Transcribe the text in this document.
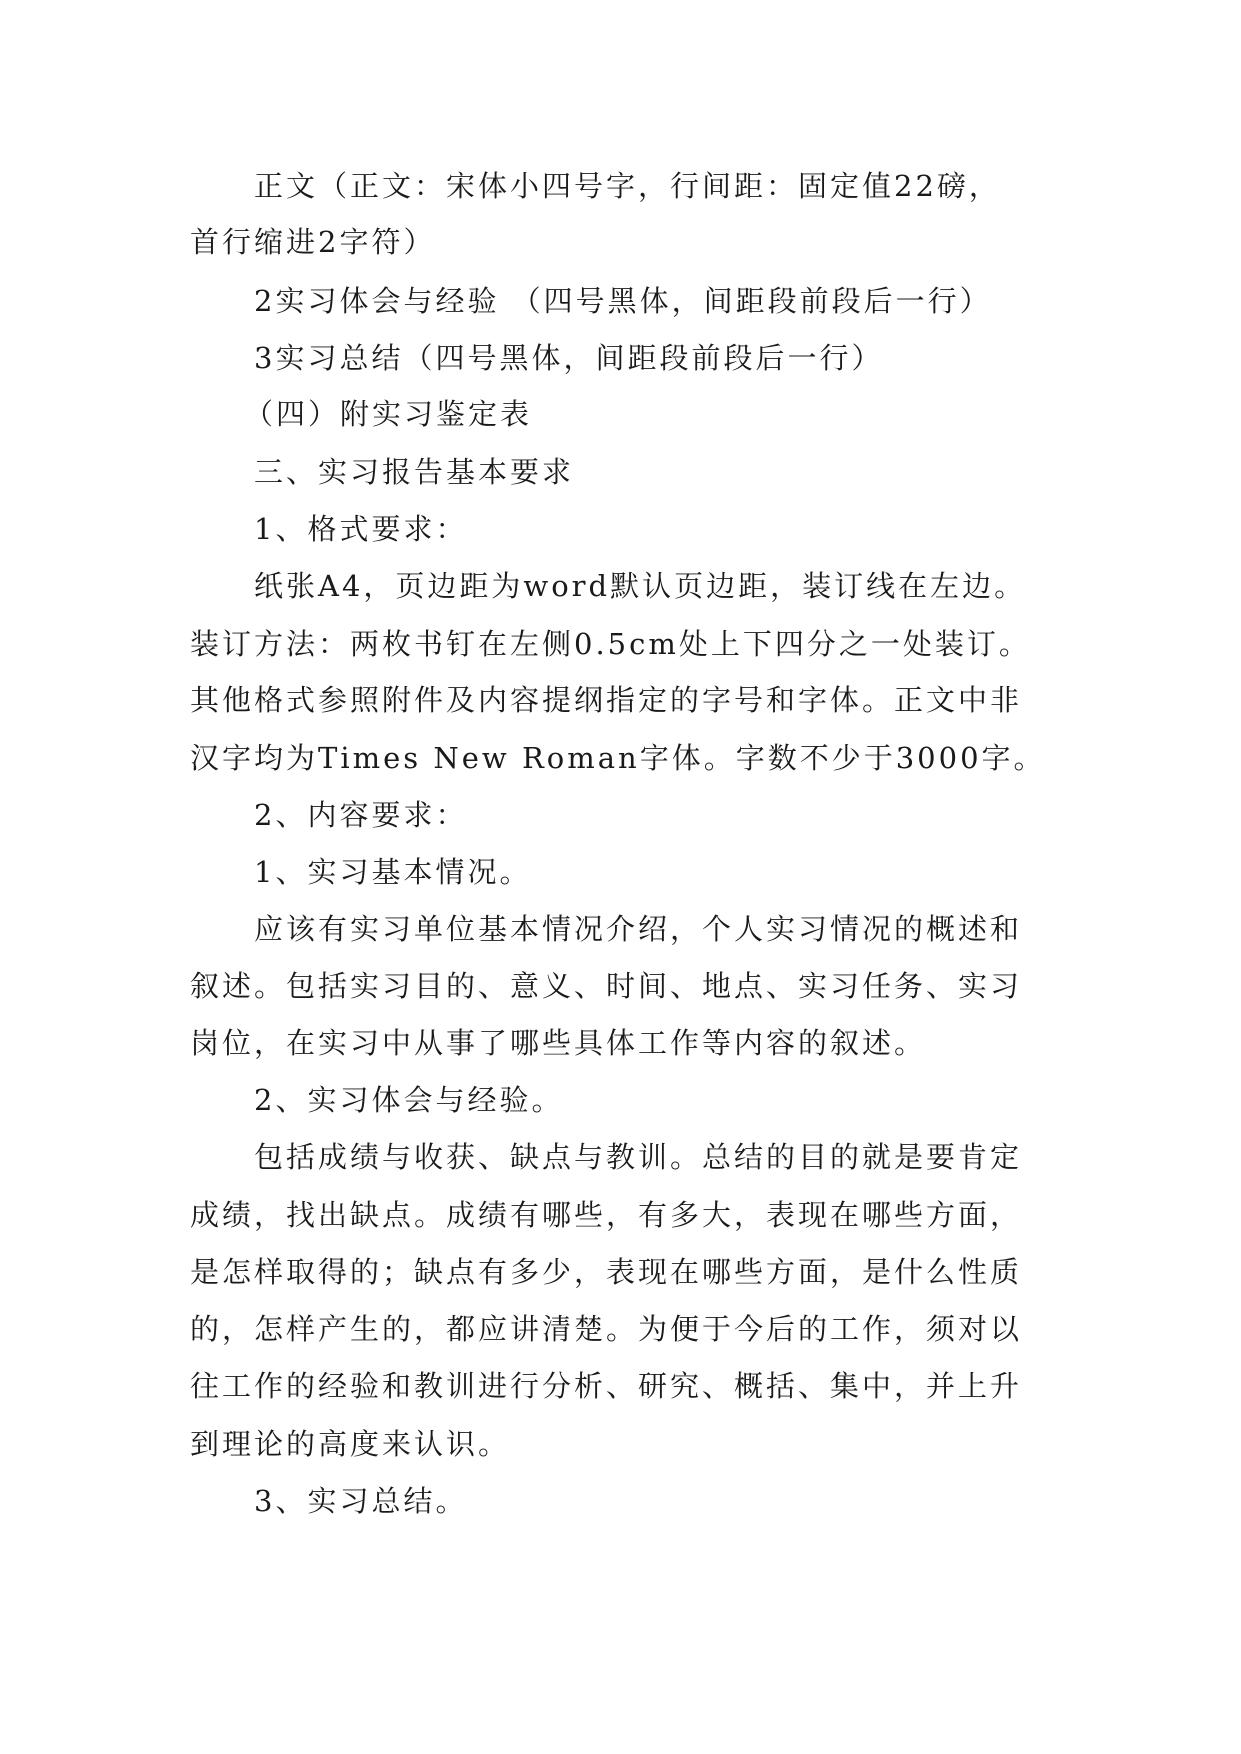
正文（正文：宋体小四号字，行间距：固定值22磅，
首行缩进2字符）
2实习体会与经验 （四号黑体，间距段前段后一行）
3实习总结（四号黑体，间距段前段后一行）
（四）附实习鉴定表
三、实习报告基本要求
1、格式要求：
纸张A4，页边距为word默认页边距，装订线在左边。
装订方法：两枚书钉在左侧0.5cm处上下四分之一处装订。
其他格式参照附件及内容提纲指定的字号和字体。正文中非
汉字均为Times New Roman字体。字数不少于3000字。
2、内容要求：
1、实习基本情况。
应该有实习单位基本情况介绍，个人实习情况的概述和
叙述。包括实习目的、意义、时间、地点、实习任务、实习
岗位，在实习中从事了哪些具体工作等内容的叙述。
2、实习体会与经验。
包括成绩与收获、缺点与教训。总结的目的就是要肯定
成绩，找出缺点。成绩有哪些，有多大，表现在哪些方面，
是怎样取得的；缺点有多少，表现在哪些方面，是什么性质
的，怎样产生的，都应讲清楚。为便于今后的工作，须对以
往工作的经验和教训进行分析、研究、概括、集中，并上升
到理论的高度来认识。
3、实习总结。
